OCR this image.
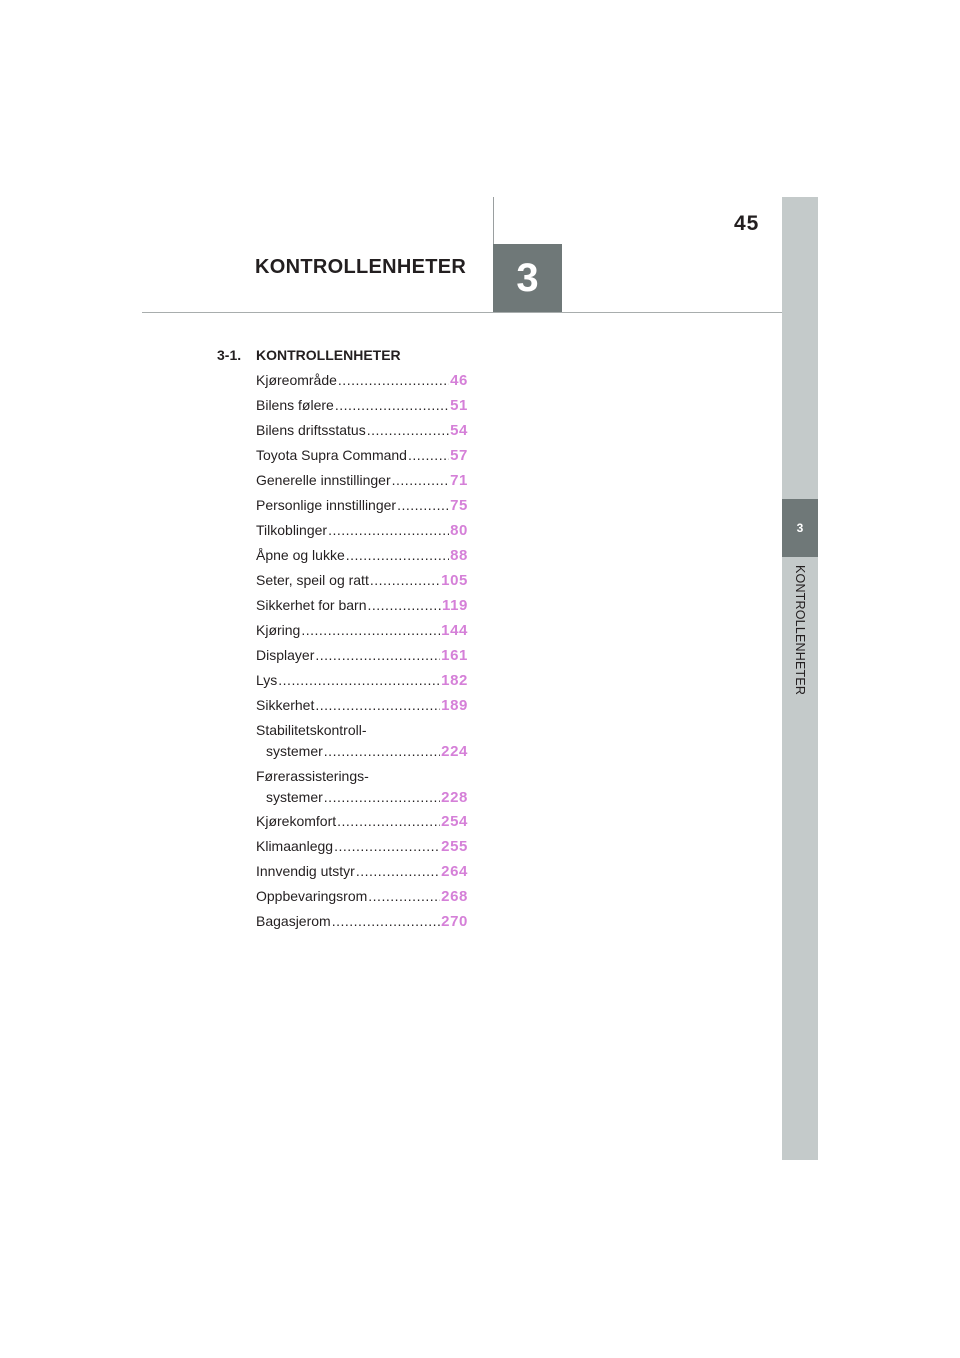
45
KONTROLLENHETER	3
3
KONTROLLENHETER
3-1. KONTROLLENHETER
Kjøreområde .....	46
Bilens følere .....	51
Bilens driftsstatus .....	54
Toyota Supra Command .....	57
Generelle innstillinger .....	71
Personlige innstillinger .....	75
Tilkoblinger .....	80
Åpne og lukke .....	88
Seter, speil og ratt .....	105
Sikkerhet for barn .....	119
Kjøring .....	144
Displayer .....	161
Lys .....	182
Sikkerhet .....	189
Stabilitetskontroll-
systemer .....	224
Førerassisterings-
systemer .....	228
Kjørekomfort .....	254
Klimaanlegg .....	255
Innvendig utstyr .....	264
Oppbevaringsrom .....	268
Bagasjerom .....	270
